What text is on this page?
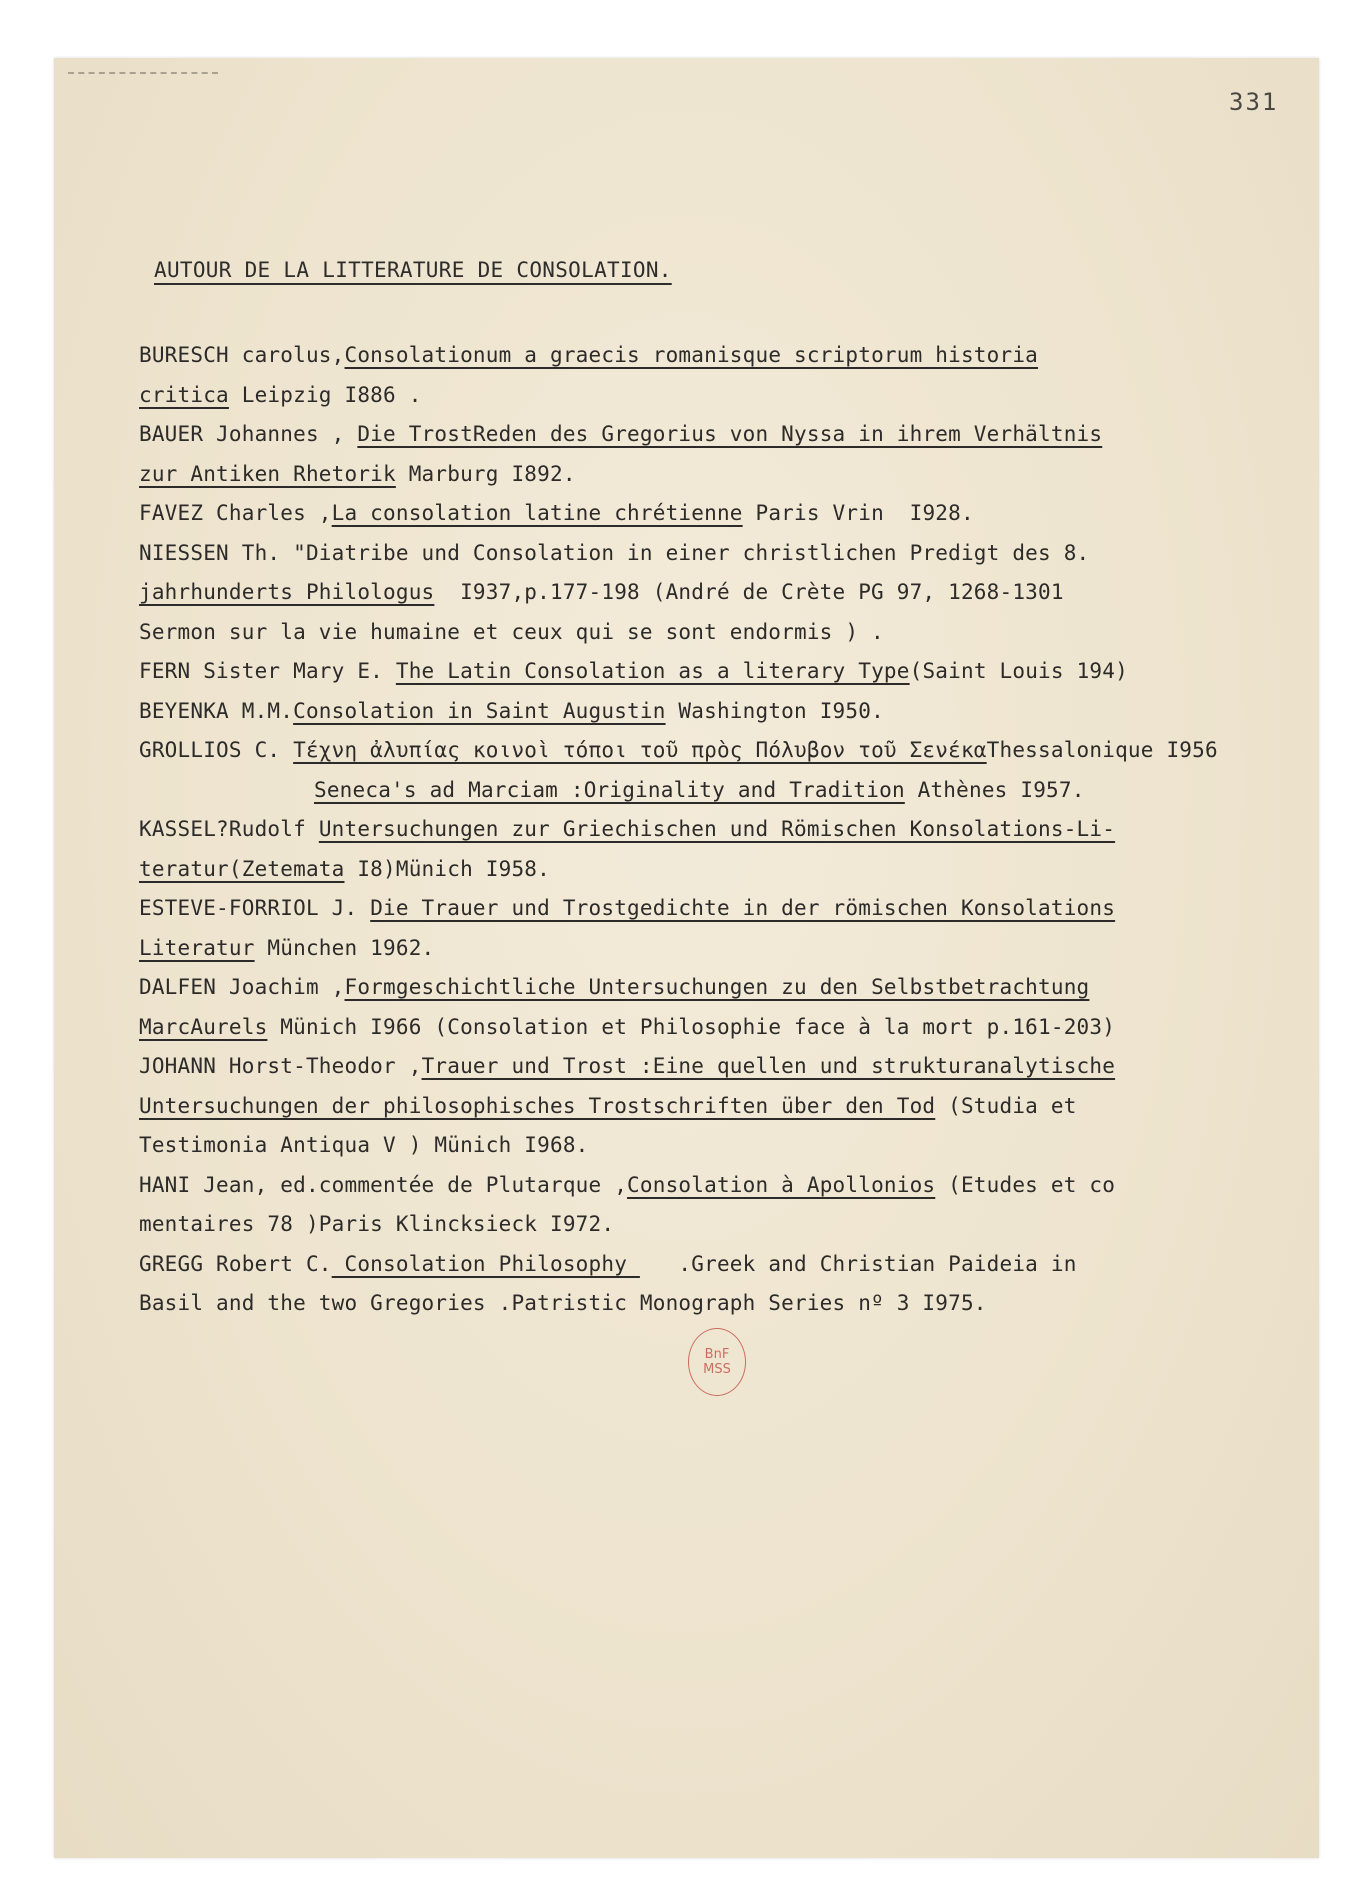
331
AUTOUR DE LA LITTERATURE DE CONSOLATION.

BURESCH carolus,Consolationum a graecis romanisque scriptorum historia

critica Leipzig I886 .

BAUER Johannes , Die TrostReden des Gregorius von Nyssa in ihrem Verhältnis

zur Antiken Rhetorik Marburg I892.

FAVEZ Charles ,La consolation latine chrétienne Paris Vrin  I928.

NIESSEN Th. "Diatribe und Consolation in einer christlichen Predigt des 8.

jahrhunderts Philologus  I937,p.177-198 (André de Crète PG 97, 1268-1301

Sermon sur la vie humaine et ceux qui se sont endormis ) .

FERN Sister Mary E. The Latin Consolation as a literary Type(Saint Louis 194)

BEYENKA M.M.Consolation in Saint Augustin Washington I950.

GROLLIOS C. Τέχνη ἀλυπίας κοινοὶ τόποι τοῦ πρὸς Πόλυβον τοῦ ΣενέκαThessalonique I956

Seneca's ad Marciam :Originality and Tradition Athènes I957.

KASSEL?Rudolf Untersuchungen zur Griechischen und Römischen Konsolations-Li-

teratur(Zetemata I8)Münich I958.

ESTEVE-FORRIOL J. Die Trauer und Trostgedichte in der römischen Konsolations

Literatur München 1962.

DALFEN Joachim ,Formgeschichtliche Untersuchungen zu den Selbstbetrachtung

MarcAurels Münich I966 (Consolation et Philosophie face à la mort p.161-203)

JOHANN Horst-Theodor ,Trauer und Trost :Eine quellen und strukturanalytische

Untersuchungen der philosophisches Trostschriften über den Tod (Studia et

Testimonia Antiqua V ) Münich I968.

HANI Jean, ed.commentée de Plutarque ,Consolation à Apollonios (Etudes et co

mentaires 78 )Paris Klincksieck I972.

GREGG Robert C. Consolation Philosophy    .Greek and Christian Paideia in

Basil and the two Gregories .Patristic Monograph Series nº 3 I975.

BnF
MSS
